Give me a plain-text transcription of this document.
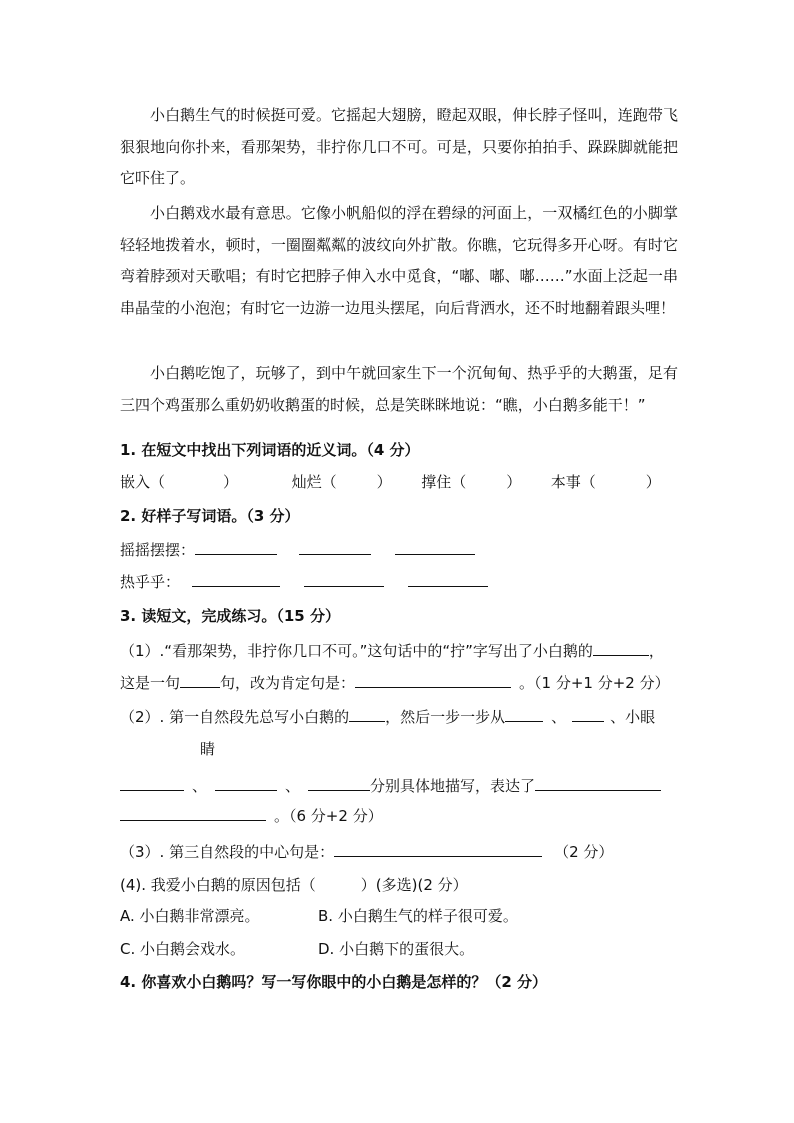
小白鹅生气的时候挺可爱。它摇起大翅膀，瞪起双眼，伸长脖子怪叫，连跑带飞狠狠地向你扑来，看那架势，非拧你几口不可。可是，只要你拍拍手、跺跺脚就能把它吓住了。

小白鹅戏水最有意思。它像小帆船似的浮在碧绿的河面上，一双橘红色的小脚掌轻轻地拨着水，顿时，一圈圈粼粼的波纹向外扩散。你瞧，它玩得多开心呀。有时它弯着脖颈对天歌唱；有时它把脖子伸入水中觅食，“嘟、嘟、嘟……”水面上泛起一串串晶莹的小泡泡；有时它一边游一边甩头摆尾，向后背洒水，还不时地翻着跟头哩！

小白鹅吃饱了，玩够了，到中午就回家生下一个沉甸甸、热乎乎的大鹅蛋，足有三四个鸡蛋那么重奶奶收鹅蛋的时候，总是笑眯眯地说：“瞧，小白鹅多能干！”

1. 在短文中找出下列词语的近义词。（4 分）
嵌入（	）	灿烂（	） 撑住（	） 本事（	）
2. 好样子写词语。（3 分）
摇摇摆摆：
热乎乎：
3. 读短文，完成练习。（15 分）
（1）.“看那架势，非拧你几口不可。”这句话中的“拧”字写出了小白鹅的	，
这是一句	句，改为肯定句是：	。（1 分+1 分+2 分）
（2）. 第一自然段先总写小白鹅的 ，然后一步一步从	、	、小眼
睛
、	、	分别具体地描写，表达了
。（6 分+2 分）
（3）. 第三自然段的中心句是：	（2 分）
(4). 我爱小白鹅的原因包括（　　　）(多选)(2 分）
A. 小白鹅非常漂亮。	B. 小白鹅生气的样子很可爱。
C. 小白鹅会戏水。	D. 小白鹅下的蛋很大。
4. 你喜欢小白鹅吗？写一写你眼中的小白鹅是怎样的？（2 分）
